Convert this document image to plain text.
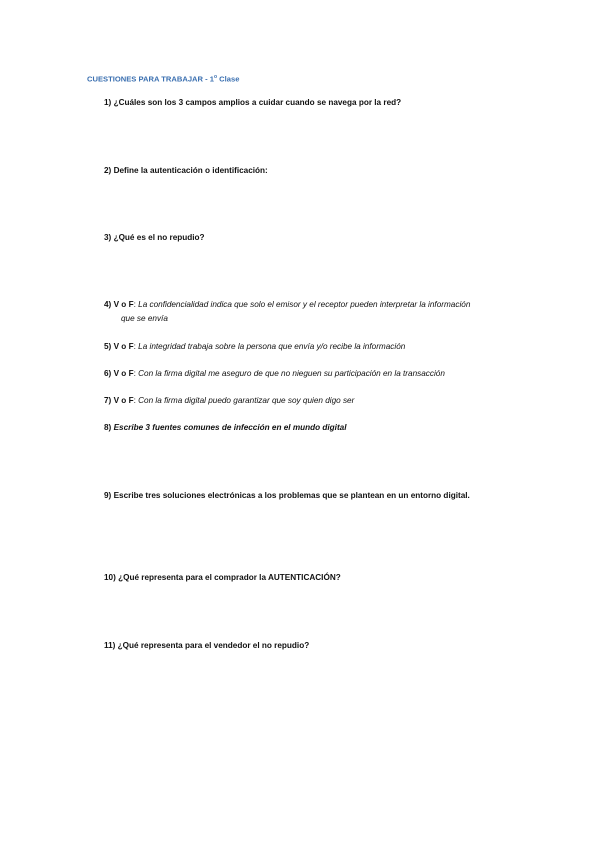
CUESTIONES PARA TRABAJAR - 1$^o$ Clase
1) ¿Cuáles son los 3 campos amplios a cuidar cuando se navega por la red?
2) Define la autenticación o identificación:
3) ¿Qué es el no repudio?
4) V o F: La confidencialidad indica que solo el emisor y el receptor pueden interpretar la información
que se envía
5) V o F: La integridad trabaja sobre la persona que envía y/o recibe la información
6) V o F: Con la firma digital me aseguro de que no nieguen su participación en la transacción
7) V o F: Con la firma digital puedo garantizar que soy quien digo ser
8) Escribe 3 fuentes comunes de infección en el mundo digital
9) Escribe tres soluciones electrónicas a los problemas que se plantean en un entorno digital.
10) ¿Qué representa para el comprador la AUTENTICACIÓN?
11) ¿Qué representa para el vendedor el no repudio?
